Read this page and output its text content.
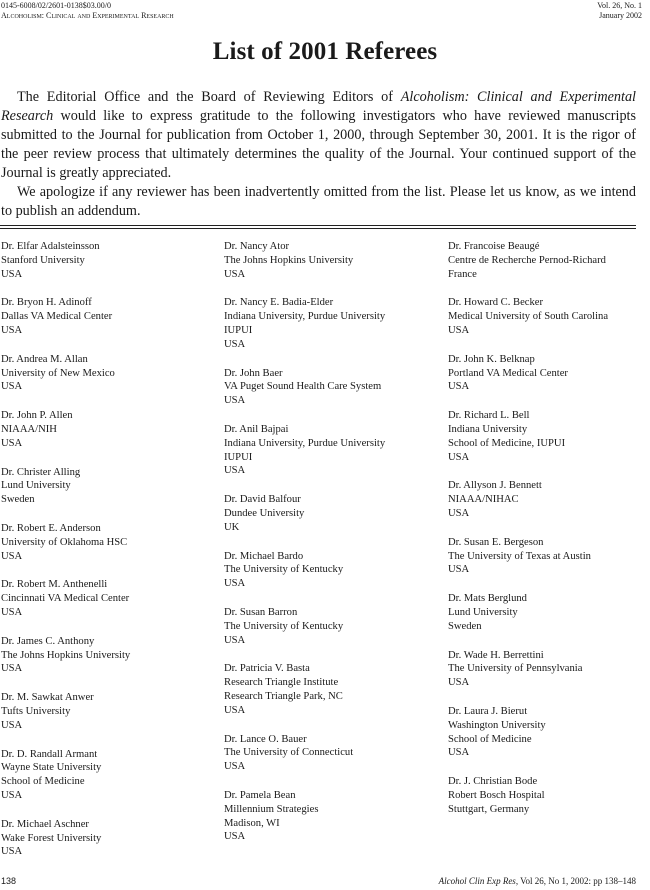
0145-6008/02/2601-0138$03.00/0
Alcoholism: Clinical and Experimental Research
Vol. 26, No. 1
January 2002
List of 2001 Referees

The Editorial Office and the Board of Reviewing Editors of Alcoholism: Clinical and Experimental Research would like to express gratitude to the following investigators who have reviewed manuscripts submitted to the Journal for publication from October 1, 2000, through September 30, 2001. It is the rigor of the peer review process that ultimately determines the quality of the Journal. Your continued support of the Journal is greatly appreciated.

We apologize if any reviewer has been inadvertently omitted from the list. Please let us know, as we intend to publish an addendum.

Dr. Elfar Adalsteinsson
Stanford University
USA
Dr. Bryon H. Adinoff
Dallas VA Medical Center
USA
Dr. Andrea M. Allan
University of New Mexico
USA
Dr. John P. Allen
NIAAA/NIH
USA
Dr. Christer Alling
Lund University
Sweden
Dr. Robert E. Anderson
University of Oklahoma HSC
USA
Dr. Robert M. Anthenelli
Cincinnati VA Medical Center
USA
Dr. James C. Anthony
The Johns Hopkins University
USA
Dr. M. Sawkat Anwer
Tufts University
USA
Dr. D. Randall Armant
Wayne State University
School of Medicine
USA
Dr. Michael Aschner
Wake Forest University
USA
Dr. Nancy Ator
The Johns Hopkins University
USA
Dr. Nancy E. Badia-Elder
Indiana University, Purdue University
IUPUI
USA
Dr. John Baer
VA Puget Sound Health Care System
USA
Dr. Anil Bajpai
Indiana University, Purdue University
IUPUI
USA
Dr. David Balfour
Dundee University
UK
Dr. Michael Bardo
The University of Kentucky
USA
Dr. Susan Barron
The University of Kentucky
USA
Dr. Patricia V. Basta
Research Triangle Institute
Research Triangle Park, NC
USA
Dr. Lance O. Bauer
The University of Connecticut
USA
Dr. Pamela Bean
Millennium Strategies
Madison, WI
USA
Dr. Francoise Beaugé
Centre de Recherche Pernod-Richard
France
Dr. Howard C. Becker
Medical University of South Carolina
USA
Dr. John K. Belknap
Portland VA Medical Center
USA
Dr. Richard L. Bell
Indiana University
School of Medicine, IUPUI
USA
Dr. Allyson J. Bennett
NIAAA/NIHAC
USA
Dr. Susan E. Bergeson
The University of Texas at Austin
USA
Dr. Mats Berglund
Lund University
Sweden
Dr. Wade H. Berrettini
The University of Pennsylvania
USA
Dr. Laura J. Bierut
Washington University
School of Medicine
USA
Dr. J. Christian Bode
Robert Bosch Hospital
Stuttgart, Germany
138	Alcohol Clin Exp Res, Vol 26, No 1, 2002: pp 138–148
